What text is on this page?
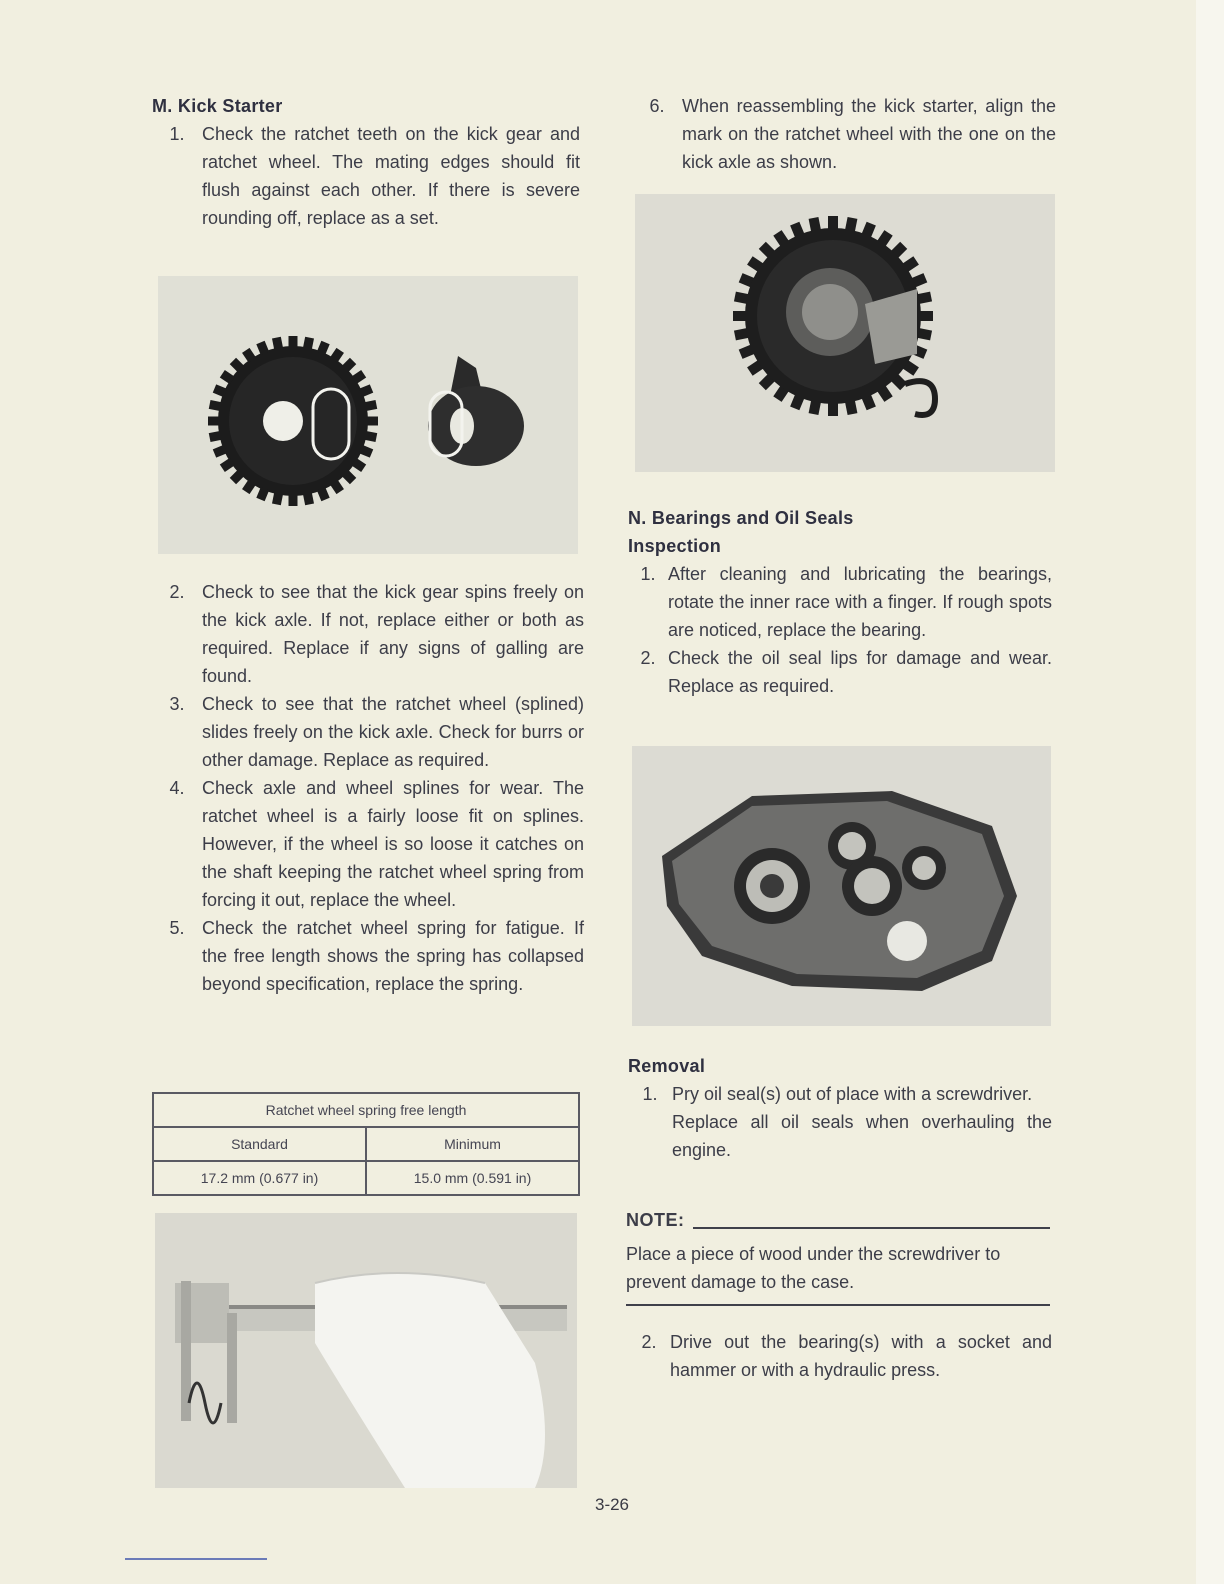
M. Kick Starter
1. Check the ratchet teeth on the kick gear and ratchet wheel. The mating edges should fit flush against each other. If there is severe rounding off, replace as a set.
2. Check to see that the kick gear spins freely on the kick axle. If not, replace either or both as required. Replace if any signs of galling are found.
3. Check to see that the ratchet wheel (splined) slides freely on the kick axle. Check for burrs or other damage. Replace as required.
4. Check axle and wheel splines for wear. The ratchet wheel is a fairly loose fit on splines. However, if the wheel is so loose it catches on the shaft keeping the ratchet wheel spring from forcing it out, replace the wheel.
5. Check the ratchet wheel spring for fatigue. If the free length shows the spring has collapsed beyond specification, replace the spring.
Ratchet wheel spring free length	
Standard	Minimum
17.2 mm (0.677 in)	15.0 mm (0.591 in)
6. When reassembling the kick starter, align the mark on the ratchet wheel with the one on the kick axle as shown.
N. Bearings and Oil Seals
Inspection
1. After cleaning and lubricating the bearings, rotate the inner race with a finger. If rough spots are noticed, replace the bearing.
2. Check the oil seal lips for damage and wear. Replace as required.
Removal
1. Pry oil seal(s) out of place with a screwdriver.
Replace all oil seals when overhauling the engine.
NOTE:
Place a piece of wood under the screwdriver to prevent damage to the case.
2. Drive out the bearing(s) with a socket and hammer or with a hydraulic press.
3-26
